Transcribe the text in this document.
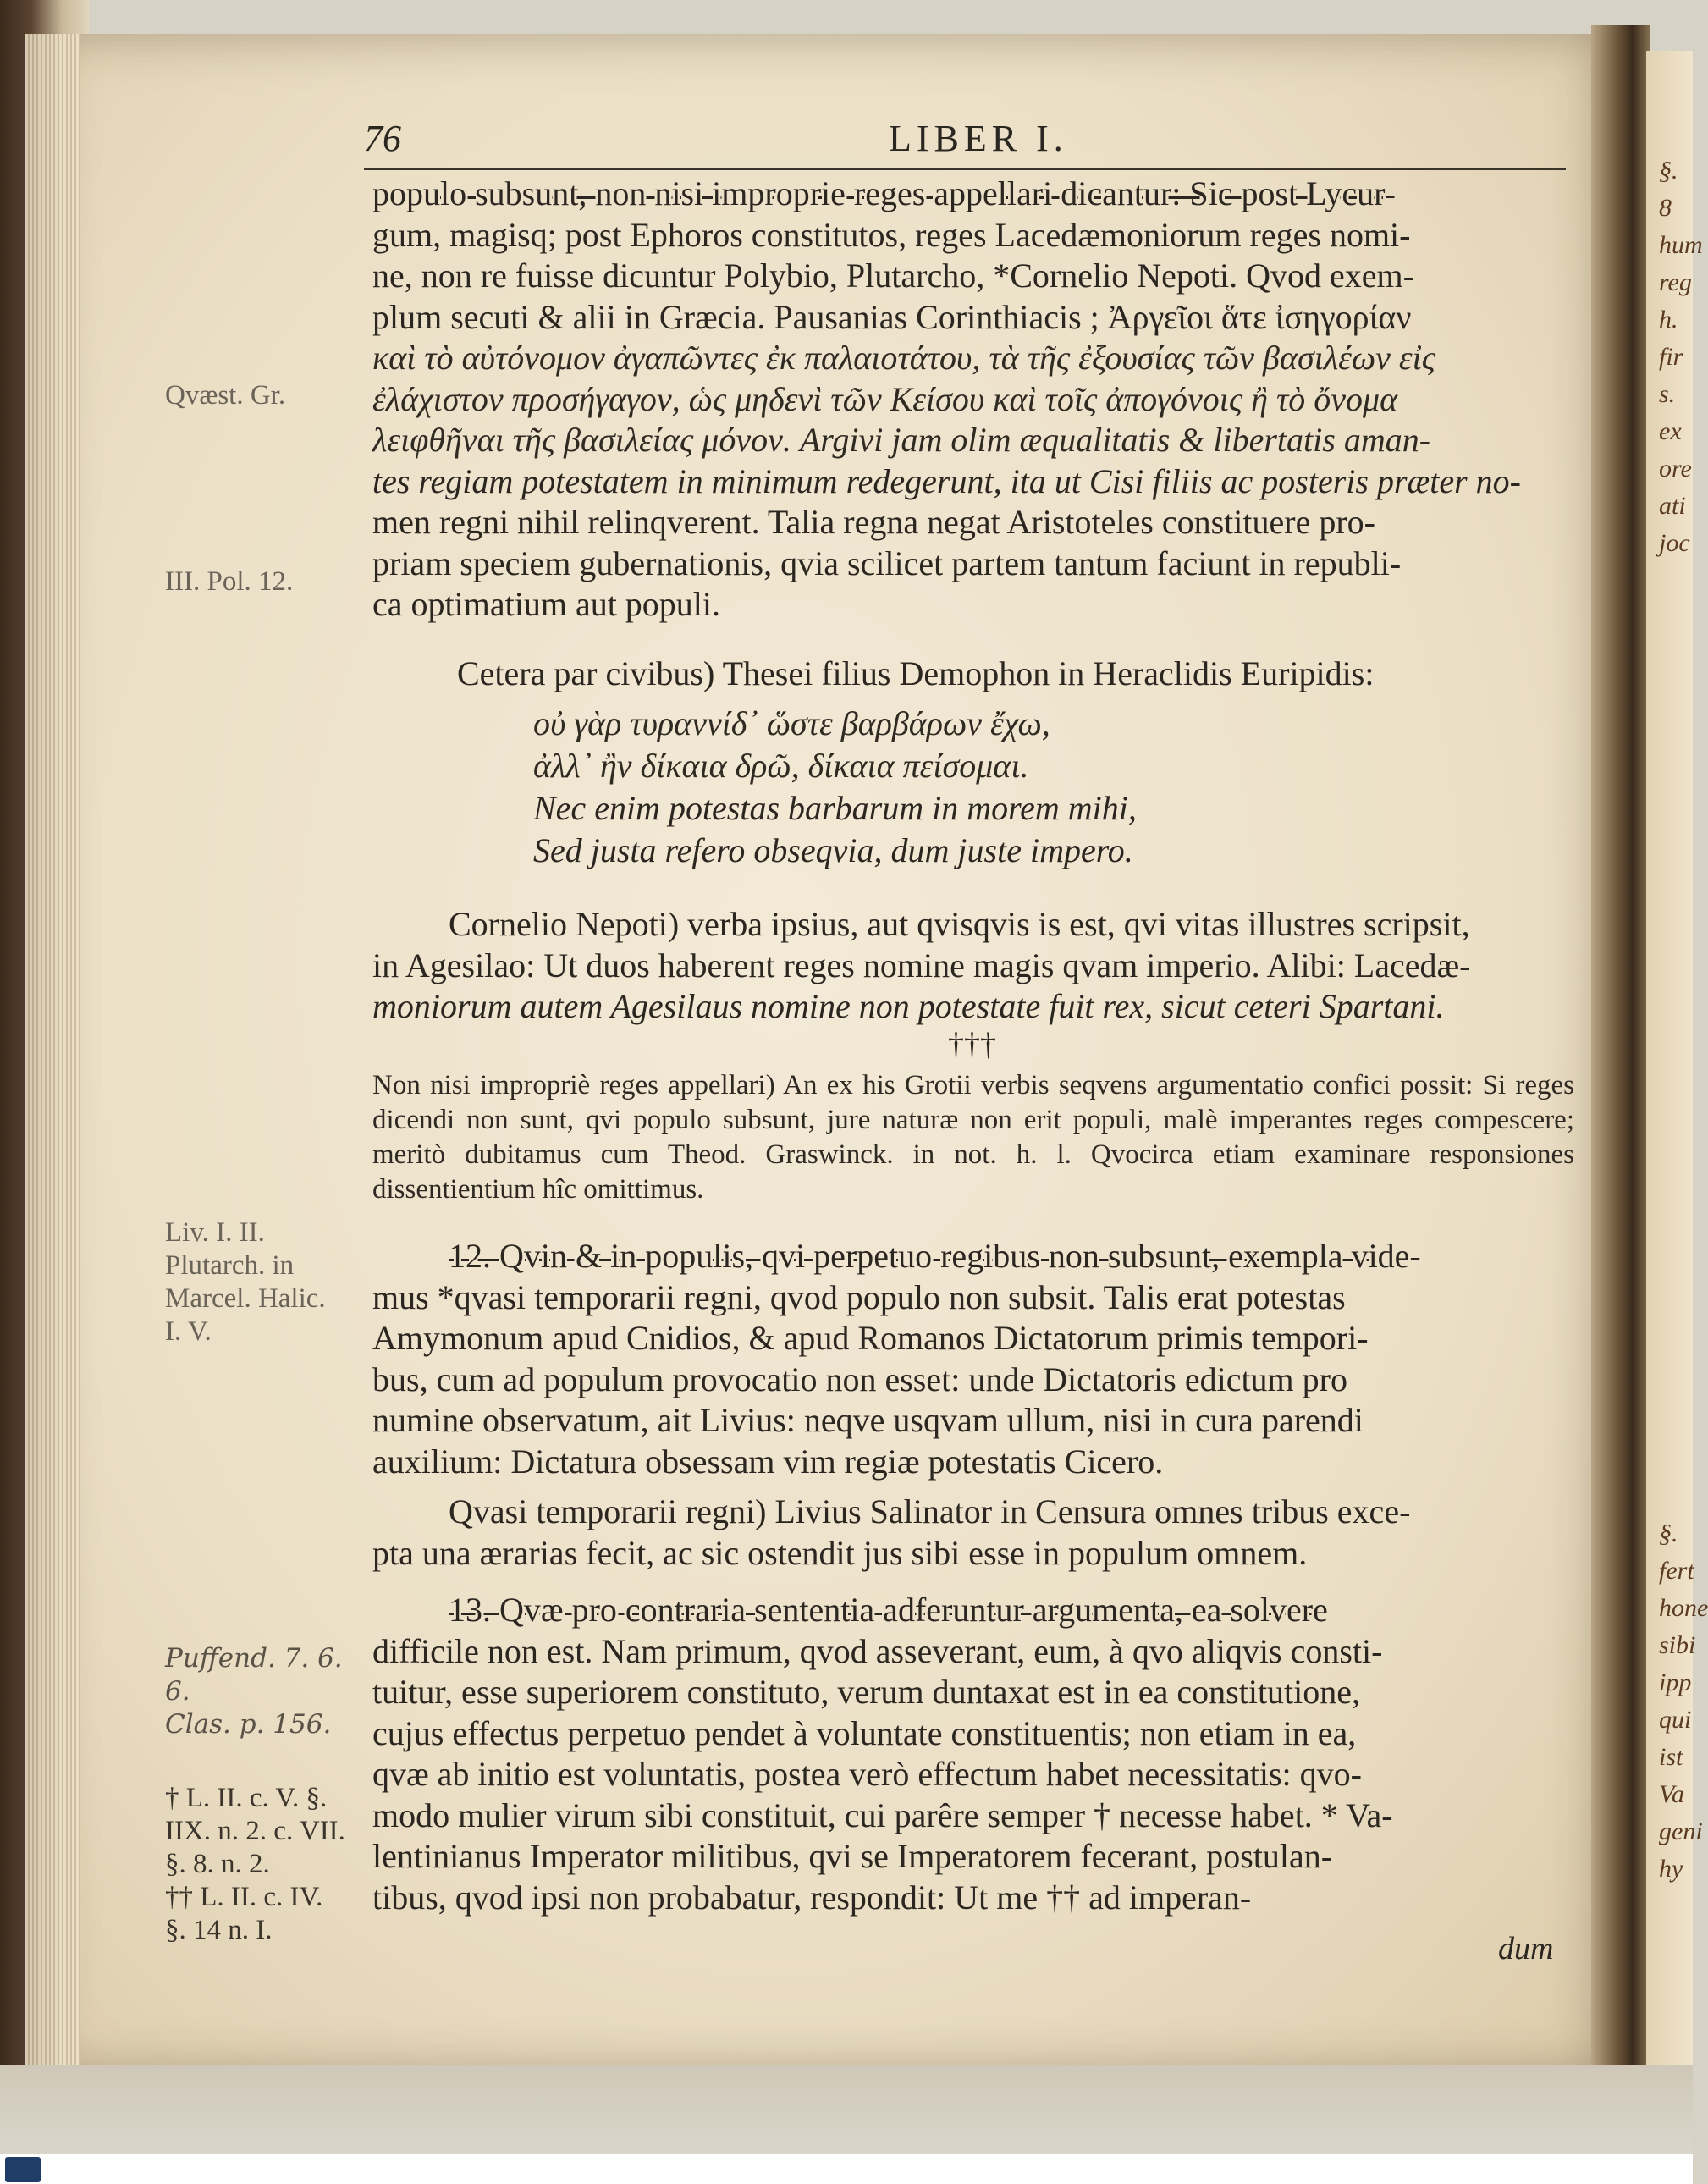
§. 8
hum
reg
h.
fir
s.
ex
ore
ati
joc
§.
fert
hone
sibi
ipp
qui
ist
Va
geni
hy
76	LIBER I.

populo subsunt, non nisi improprie reges appellari dicantur: Sic post Lycur-

gum, magisq; post Ephoros constitutos, reges Lacedæmoniorum reges nomi-

ne, non re fuisse dicuntur Polybio, Plutarcho, *Cornelio Nepoti. Qvod exem-

plum secuti & alii in Græcia. Pausanias Corinthiacis ; Ἀργεῖοι ἅτε ἰσηγορίαν

καὶ τὸ αὐτόνομον ἀγαπῶντες ἐκ παλαιοτάτου, τὰ τῆς ἐξουσίας τῶν βασιλέων εἰς

ἐλάχιστον προσήγαγον, ὡς μηδενὶ τῶν Κείσου καὶ τοῖς ἀπογόνοις ἢ τὸ ὄνομα

λειφθῆναι τῆς βασιλείας μόνον. Argivi jam olim æqualitatis & libertatis aman-

tes regiam potestatem in minimum redegerunt, ita ut Cisi filiis ac posteris præter no-

men regni nihil relinqverent. Talia regna negat Aristoteles constituere pro-

priam speciem gubernationis, qvia scilicet partem tantum faciunt in republi-

ca optimatium aut populi.

Cetera par civibus) Thesei filius Demophon in Heraclidis Euripidis:
οὐ γὰρ τυραννίδ᾽ ὥστε βαρβάρων ἔχω,
ἀλλ᾽ ἢν δίκαια δρῶ, δίκαια πείσομαι.
Nec enim potestas barbarum in morem mihi,
Sed justa refero obseqvia, dum juste impero.

Cornelio Nepoti) verba ipsius, aut qvisqvis is est, qvi vitas illustres scripsit,

in Agesilao: Ut duos haberent reges nomine magis qvam imperio. Alibi: Lacedæ-

moniorum autem Agesilaus nomine non potestate fuit rex, sicut ceteri Spartani.

†††
Non nisi impropriè reges appellari) An ex his Grotii verbis seqvens argumentatio confici possit: Si reges dicendi non sunt, qvi populo subsunt, jure naturæ non erit populi, malè imperantes reges compescere; meritò dubitamus cum Theod. Graswinck. in not. h. l. Qvocirca etiam examinare responsiones dissentientium hîc omittimus.

12. Qvin & in populis, qvi perpetuo regibus non subsunt, exempla vide-

mus *qvasi temporarii regni, qvod populo non subsit. Talis erat potestas

Amymonum apud Cnidios, & apud Romanos Dictatorum primis tempori-

bus, cum ad populum provocatio non esset: unde Dictatoris edictum pro

numine observatum, ait Livius: neqve usqvam ullum, nisi in cura parendi

auxilium: Dictatura obsessam vim regiæ potestatis Cicero.

Qvasi temporarii regni) Livius Salinator in Censura omnes tribus exce-

pta una ærarias fecit, ac sic ostendit jus sibi esse in populum omnem.

13. Qvæ pro contraria sententia adferuntur argumenta, ea solvere

difficile non est. Nam primum, qvod asseverant, eum, à qvo aliqvis consti-

tuitur, esse superiorem constituto, verum duntaxat est in ea constitutione,

cujus effectus perpetuo pendet à voluntate constituentis; non etiam in ea,

qvæ ab initio est voluntatis, postea verò effectum habet necessitatis: qvo-

modo mulier virum sibi constituit, cui parêre semper † necesse habet. * Va-

lentinianus Imperator militibus, qvi se Imperatorem fecerant, postulan-

tibus, qvod ipsi non probabatur, respondit: Ut me †† ad imperan-

dum
Qvæst. Gr.
III. Pol. 12.
Liv. I. II.
Plutarch. in
Marcel. Halic.
I. V.
Puffend. 7. 6. 6.
Clas. p. 156.
† L. II. c. V. §.
IIX. n. 2. c. VII.
§. 8. n. 2.
†† L. II. c. IV.
§. 14 n. I.
